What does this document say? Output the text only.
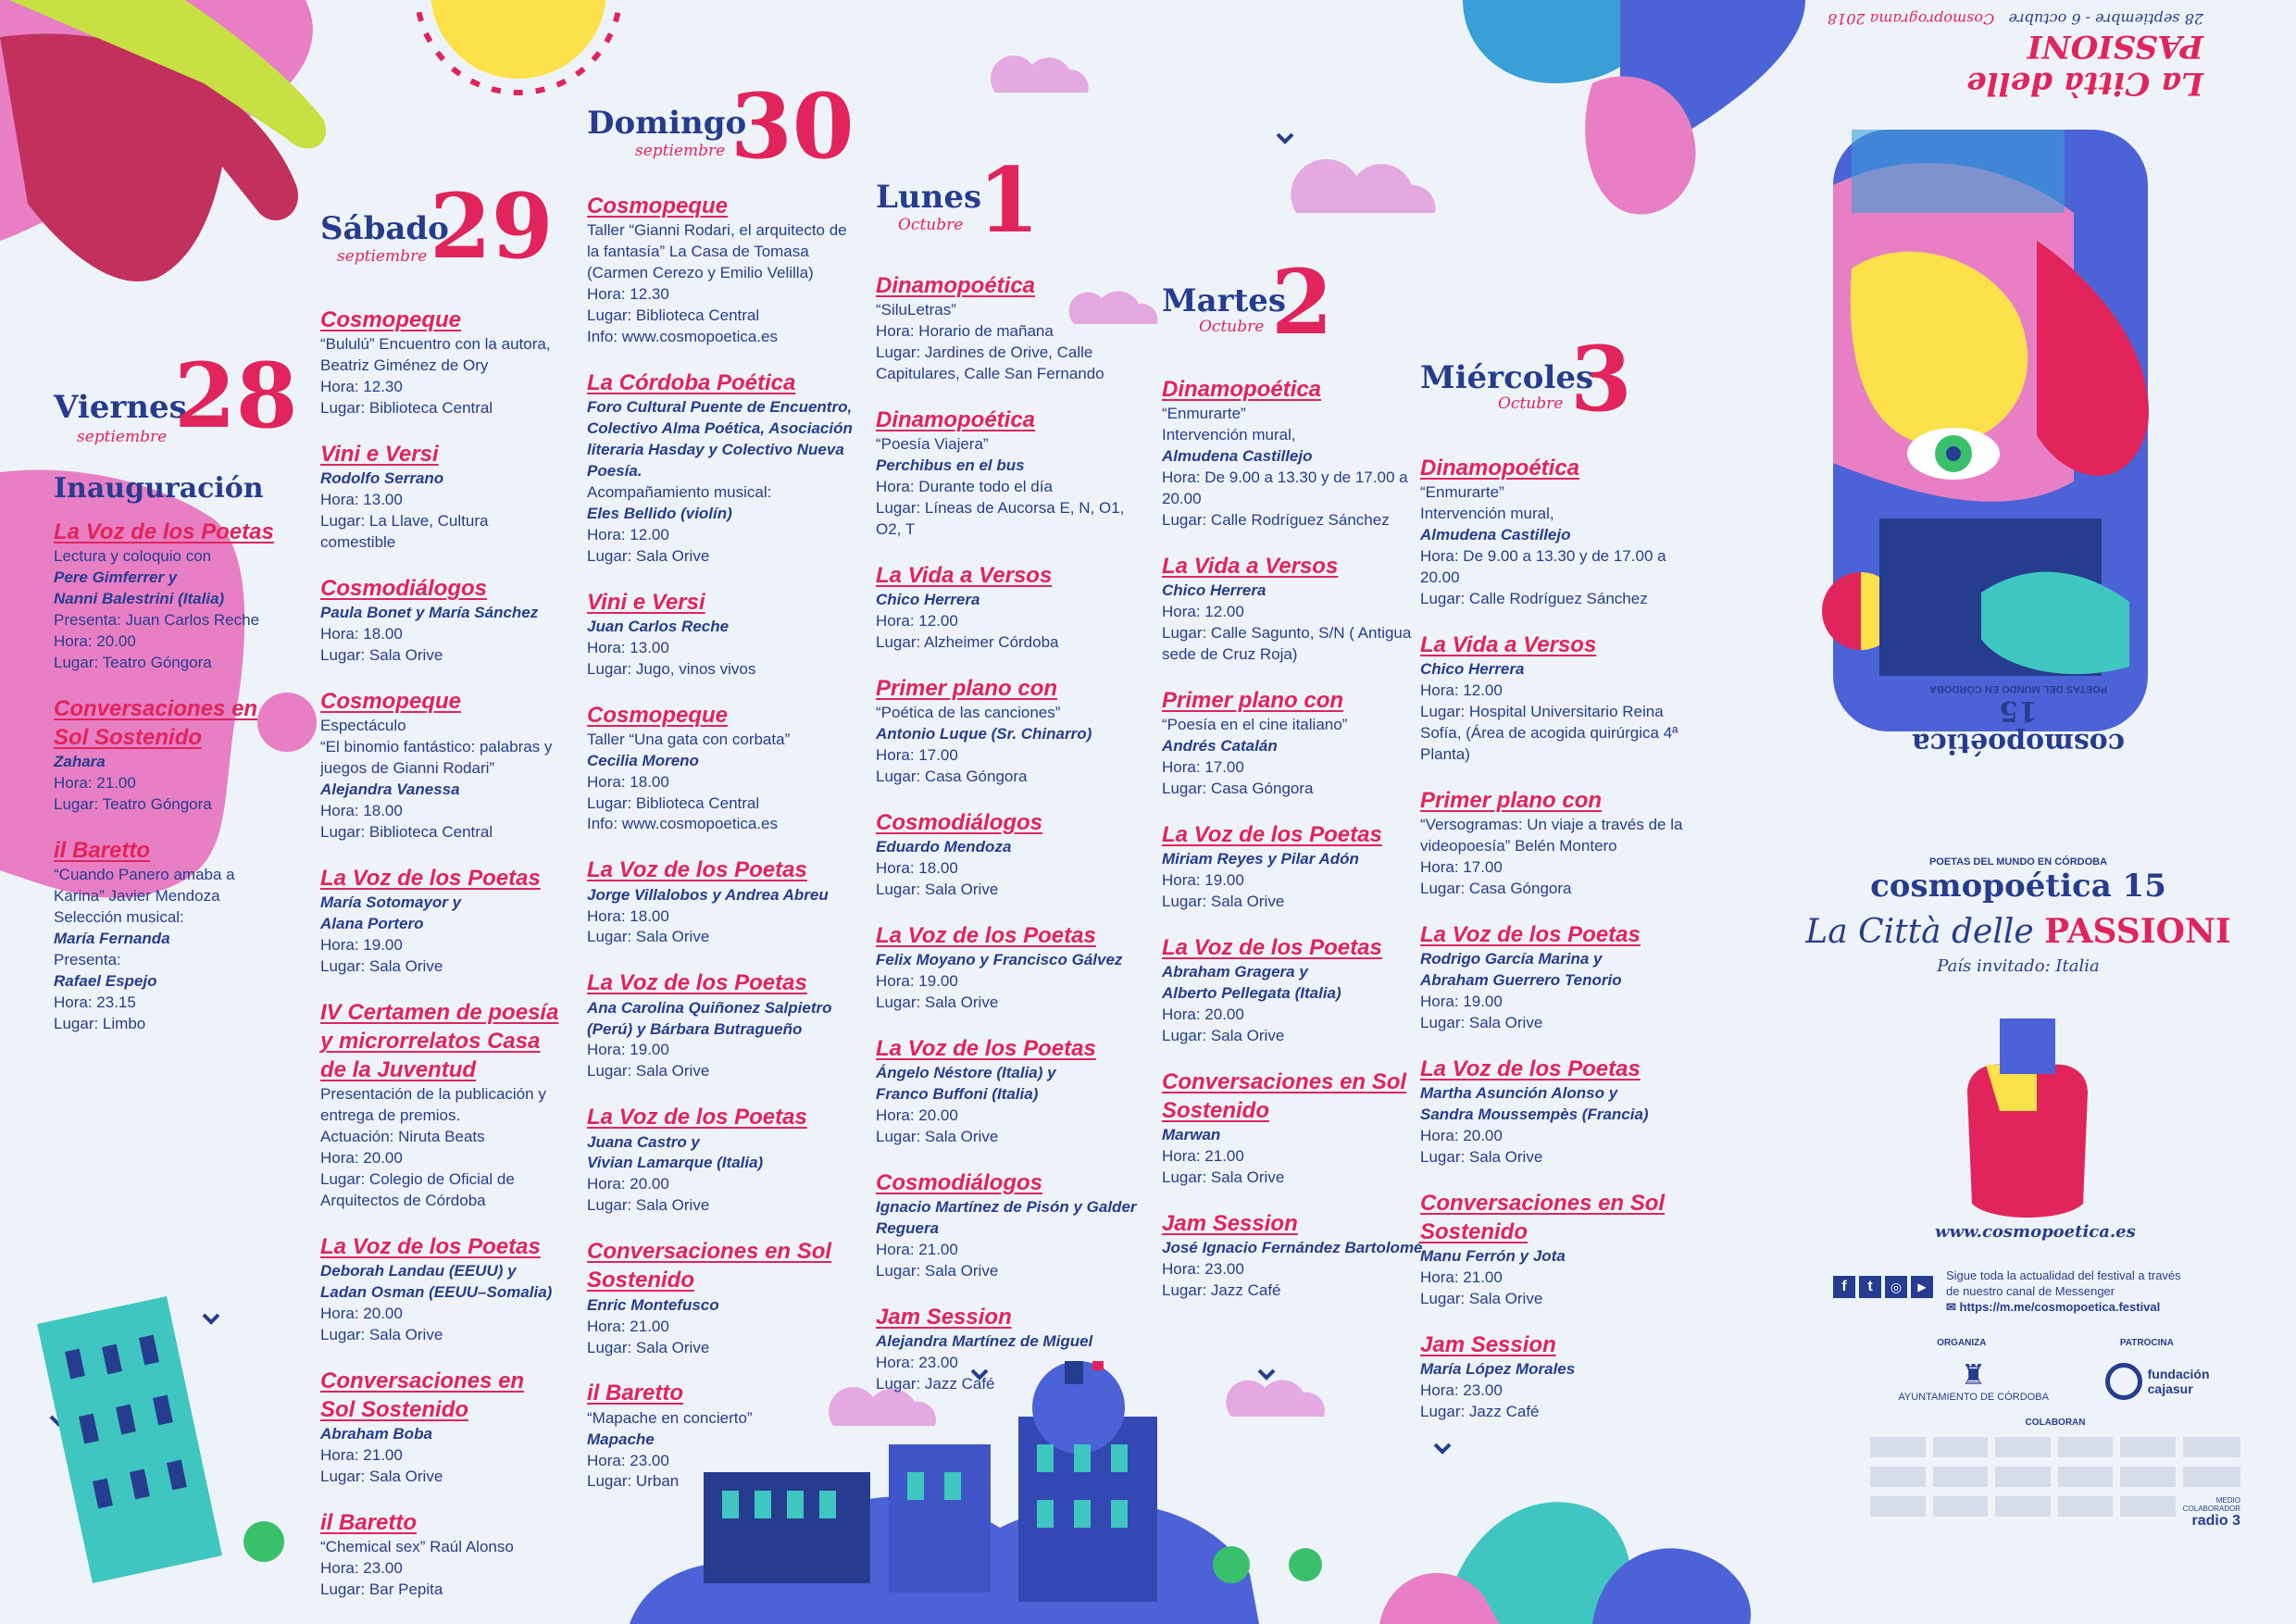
La Città delle PASSIONI
28 septiembre - 6 octubre   Cosmoprograma 2018
cosmopoética 15
POETAS DEL MUNDO EN CÓRDOBA
POETAS DEL MUNDO EN CÓRDOBA
cosmopoética 15
La Città delle PASSIONI
País invitado: Italia
www.cosmopoetica.es
f	t	◎	▶
Sigue toda la actualidad del festival a través de nuestro canal de Messenger
✉ https://m.me/cosmopoetica.festival
ORGANIZA	PATROCINA
♜
AYUNTAMIENTO DE CÓRDOBA
fundación cajasur
COLABORAN
MEDIO COLABORADOR
radio 3
Viernes
septiembre 28
Inauguración
La Voz de los Poetas
Lectura y coloquio con
Pere Gimferrer y
Nanni Balestrini (Italia)
Presenta: Juan Carlos Reche
Hora: 20.00
Lugar: Teatro Góngora
Conversaciones en Sol Sostenido
Zahara
Hora: 21.00
Lugar: Teatro Góngora
il Baretto
“Cuando Panero amaba a Karina” Javier Mendoza
Selección musical:
María Fernanda
Presenta:
Rafael Espejo
Hora: 23.15
Lugar: Limbo
Sábado
septiembre 29
Cosmopeque
“Bululú” Encuentro con la autora, Beatriz Giménez de Ory
Hora: 12.30
Lugar: Biblioteca Central
Vini e Versi
Rodolfo Serrano
Hora: 13.00
Lugar: La Llave, Cultura comestible
Cosmodiálogos
Paula Bonet y María Sánchez
Hora: 18.00
Lugar: Sala Orive
Cosmopeque
Espectáculo
“El binomio fantástico: palabras y juegos de Gianni Rodari”
Alejandra Vanessa
Hora: 18.00
Lugar: Biblioteca Central
La Voz de los Poetas
María Sotomayor y
Alana Portero
Hora: 19.00
Lugar: Sala Orive
IV Certamen de poesía y microrrelatos Casa de la Juventud
Presentación de la publicación y entrega de premios.
Actuación: Niruta Beats
Hora: 20.00
Lugar: Colegio de Oficial de Arquitectos de Córdoba
La Voz de los Poetas
Deborah Landau (EEUU) y
Ladan Osman (EEUU–Somalia)
Hora: 20.00
Lugar: Sala Orive
Conversaciones en Sol Sostenido
Abraham Boba
Hora: 21.00
Lugar: Sala Orive
il Baretto
“Chemical sex” Raúl Alonso
Hora: 23.00
Lugar: Bar Pepita
Domingo
septiembre 30
Cosmopeque
Taller “Gianni Rodari, el arquitecto de la fantasía” La Casa de Tomasa (Carmen Cerezo y Emilio Velilla)
Hora: 12.30
Lugar: Biblioteca Central
Info: www.cosmopoetica.es
La Córdoba Poética
Foro Cultural Puente de Encuentro, Colectivo Alma Poética, Asociación literaria Hasday y Colectivo Nueva Poesía.
Acompañamiento musical:
Eles Bellido (violín)
Hora: 12.00
Lugar: Sala Orive
Vini e Versi
Juan Carlos Reche
Hora: 13.00
Lugar: Jugo, vinos vivos
Cosmopeque
Taller “Una gata con corbata”
Cecilia Moreno
Hora: 18.00
Lugar: Biblioteca Central
Info: www.cosmopoetica.es
La Voz de los Poetas
Jorge Villalobos y Andrea Abreu
Hora: 18.00
Lugar: Sala Orive
La Voz de los Poetas
Ana Carolina Quiñonez Salpietro (Perú) y Bárbara Butragueño
Hora: 19.00
Lugar: Sala Orive
La Voz de los Poetas
Juana Castro y
Vivian Lamarque (Italia)
Hora: 20.00
Lugar: Sala Orive
Conversaciones en Sol Sostenido
Enric Montefusco
Hora: 21.00
Lugar: Sala Orive
il Baretto
“Mapache en concierto”
Mapache
Hora: 23.00
Lugar: Urban
Lunes
Octubre 1
Dinamopoética
“SiluLetras”
Hora: Horario de mañana
Lugar: Jardines de Orive, Calle Capitulares, Calle San Fernando
Dinamopoética
“Poesía Viajera”
Perchibus en el bus
Hora: Durante todo el día
Lugar: Líneas de Aucorsa E, N, O1, O2, T
La Vida a Versos
Chico Herrera
Hora: 12.00
Lugar: Alzheimer Córdoba
Primer plano con
“Poética de las canciones”
Antonio Luque (Sr. Chinarro)
Hora: 17.00
Lugar: Casa Góngora
Cosmodiálogos
Eduardo Mendoza
Hora: 18.00
Lugar: Sala Orive
La Voz de los Poetas
Felix Moyano y Francisco Gálvez
Hora: 19.00
Lugar: Sala Orive
La Voz de los Poetas
Ángelo Néstore (Italia) y
Franco Buffoni (Italia)
Hora: 20.00
Lugar: Sala Orive
Cosmodiálogos
Ignacio Martínez de Pisón y Galder Reguera
Hora: 21.00
Lugar: Sala Orive
Jam Session
Alejandra Martínez de Miguel
Hora: 23.00
Lugar: Jazz Café
Martes
Octubre 2
Dinamopoética
“Enmurarte”
Intervención mural,
Almudena Castillejo
Hora: De 9.00 a 13.30 y de 17.00 a 20.00
Lugar: Calle Rodríguez Sánchez
La Vida a Versos
Chico Herrera
Hora: 12.00
Lugar: Calle Sagunto, S/N ( Antigua sede de Cruz Roja)
Primer plano con
“Poesía en el cine italiano”
Andrés Catalán
Hora: 17.00
Lugar: Casa Góngora
La Voz de los Poetas
Miriam Reyes y Pilar Adón
Hora: 19.00
Lugar: Sala Orive
La Voz de los Poetas
Abraham Gragera y
Alberto Pellegata (Italia)
Hora: 20.00
Lugar: Sala Orive
Conversaciones en Sol Sostenido
Marwan
Hora: 21.00
Lugar: Sala Orive
Jam Session
José Ignacio Fernández Bartolomé
Hora: 23.00
Lugar: Jazz Café
Miércoles
Octubre 3
Dinamopoética
“Enmurarte”
Intervención mural,
Almudena Castillejo
Hora: De 9.00 a 13.30 y de 17.00 a 20.00
Lugar: Calle Rodríguez Sánchez
La Vida a Versos
Chico Herrera
Hora: 12.00
Lugar: Hospital Universitario Reina Sofía, (Área de acogida quirúrgica 4ª Planta)
Primer plano con
“Versogramas: Un viaje a través de la videopoesía” Belén Montero
Hora: 17.00
Lugar: Casa Góngora
La Voz de los Poetas
Rodrigo García Marina y
Abraham Guerrero Tenorio
Hora: 19.00
Lugar: Sala Orive
La Voz de los Poetas
Martha Asunción Alonso y
Sandra Moussempès (Francia)
Hora: 20.00
Lugar: Sala Orive
Conversaciones en Sol Sostenido
Manu Ferrón y Jota
Hora: 21.00
Lugar: Sala Orive
Jam Session
María López Morales
Hora: 23.00
Lugar: Jazz Café
